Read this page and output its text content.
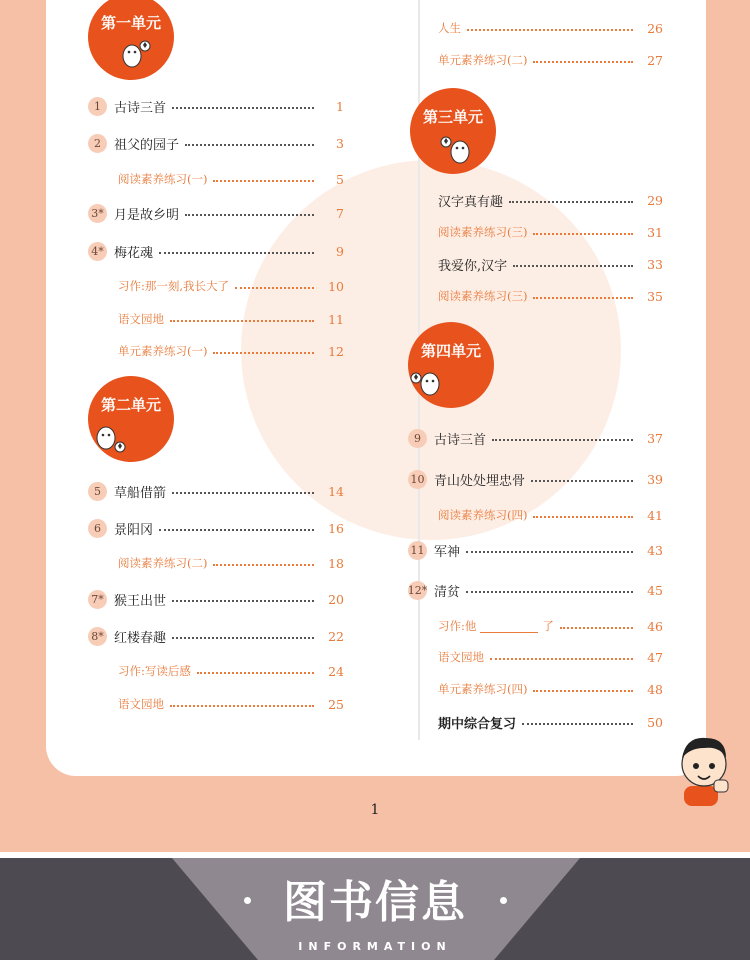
第一单元
第二单元
第三单元
第四单元
1	古诗三首	1
2	祖父的园子	3
阅读素养练习(一)	5
3* 月是故乡明	7
4* 梅花魂	9
习作:那一刻,我长大了	10
语文园地	11
单元素养练习(一)	12
5	草船借箭	14
6	景阳冈	16
阅读素养练习(二)	18
7* 猴王出世	20
8* 红楼春趣	22
习作:写读后感	24
语文园地	25
人生	26
单元素养练习(二)	27
汉字真有趣	29
阅读素养练习(三)	31
我爱你,汉字	33
阅读素养练习(三)	35
9	古诗三首	37
10 青山处处埋忠骨	39
阅读素养练习(四)	41
11 军神	43
12* 清贫	45
习作:他	了	46
语文园地	47
单元素养练习(四)	48
期中综合复习	50
1
图书信息
INFORMATION
